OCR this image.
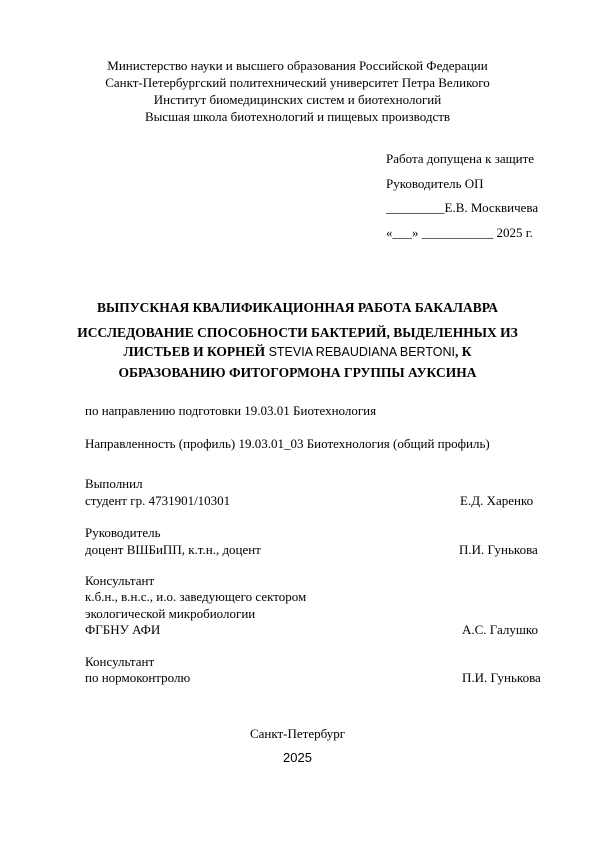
Министерство науки и высшего образования Российской Федерации
Санкт-Петербургский политехнический университет Петра Великого
Институт биомедицинских систем и биотехнологий
Высшая школа биотехнологий и пищевых производств
Работа допущена к защите
Руководитель ОП
_________Е.В. Москвичева
«___» ___________ 2025 г.
ВЫПУСКНАЯ КВАЛИФИКАЦИОННАЯ РАБОТА БАКАЛАВРА
ИССЛЕДОВАНИЕ СПОСОБНОСТИ БАКТЕРИЙ, ВЫДЕЛЕННЫХ ИЗ
ЛИСТЬЕВ И КОРНЕЙ STEVIA REBAUDIANA BERTONI, К
ОБРАЗОВАНИЮ ФИТОГОРМОНА ГРУППЫ АУКСИНА
по направлению подготовки 19.03.01 Биотехнология
Направленность (профиль) 19.03.01_03 Биотехнология (общий профиль)
Выполнил
студент гр. 4731901/10301	Е.Д. Харенко
Руководитель
доцент ВШБиПП, к.т.н., доцент	П.И. Гунькова
Консультант
к.б.н., в.н.с., и.о. заведующего сектором
экологической микробиологии
ФГБНУ АФИ	А.С. Галушко
Консультант
по нормоконтролю	П.И. Гунькова
Санкт-Петербург
2025
